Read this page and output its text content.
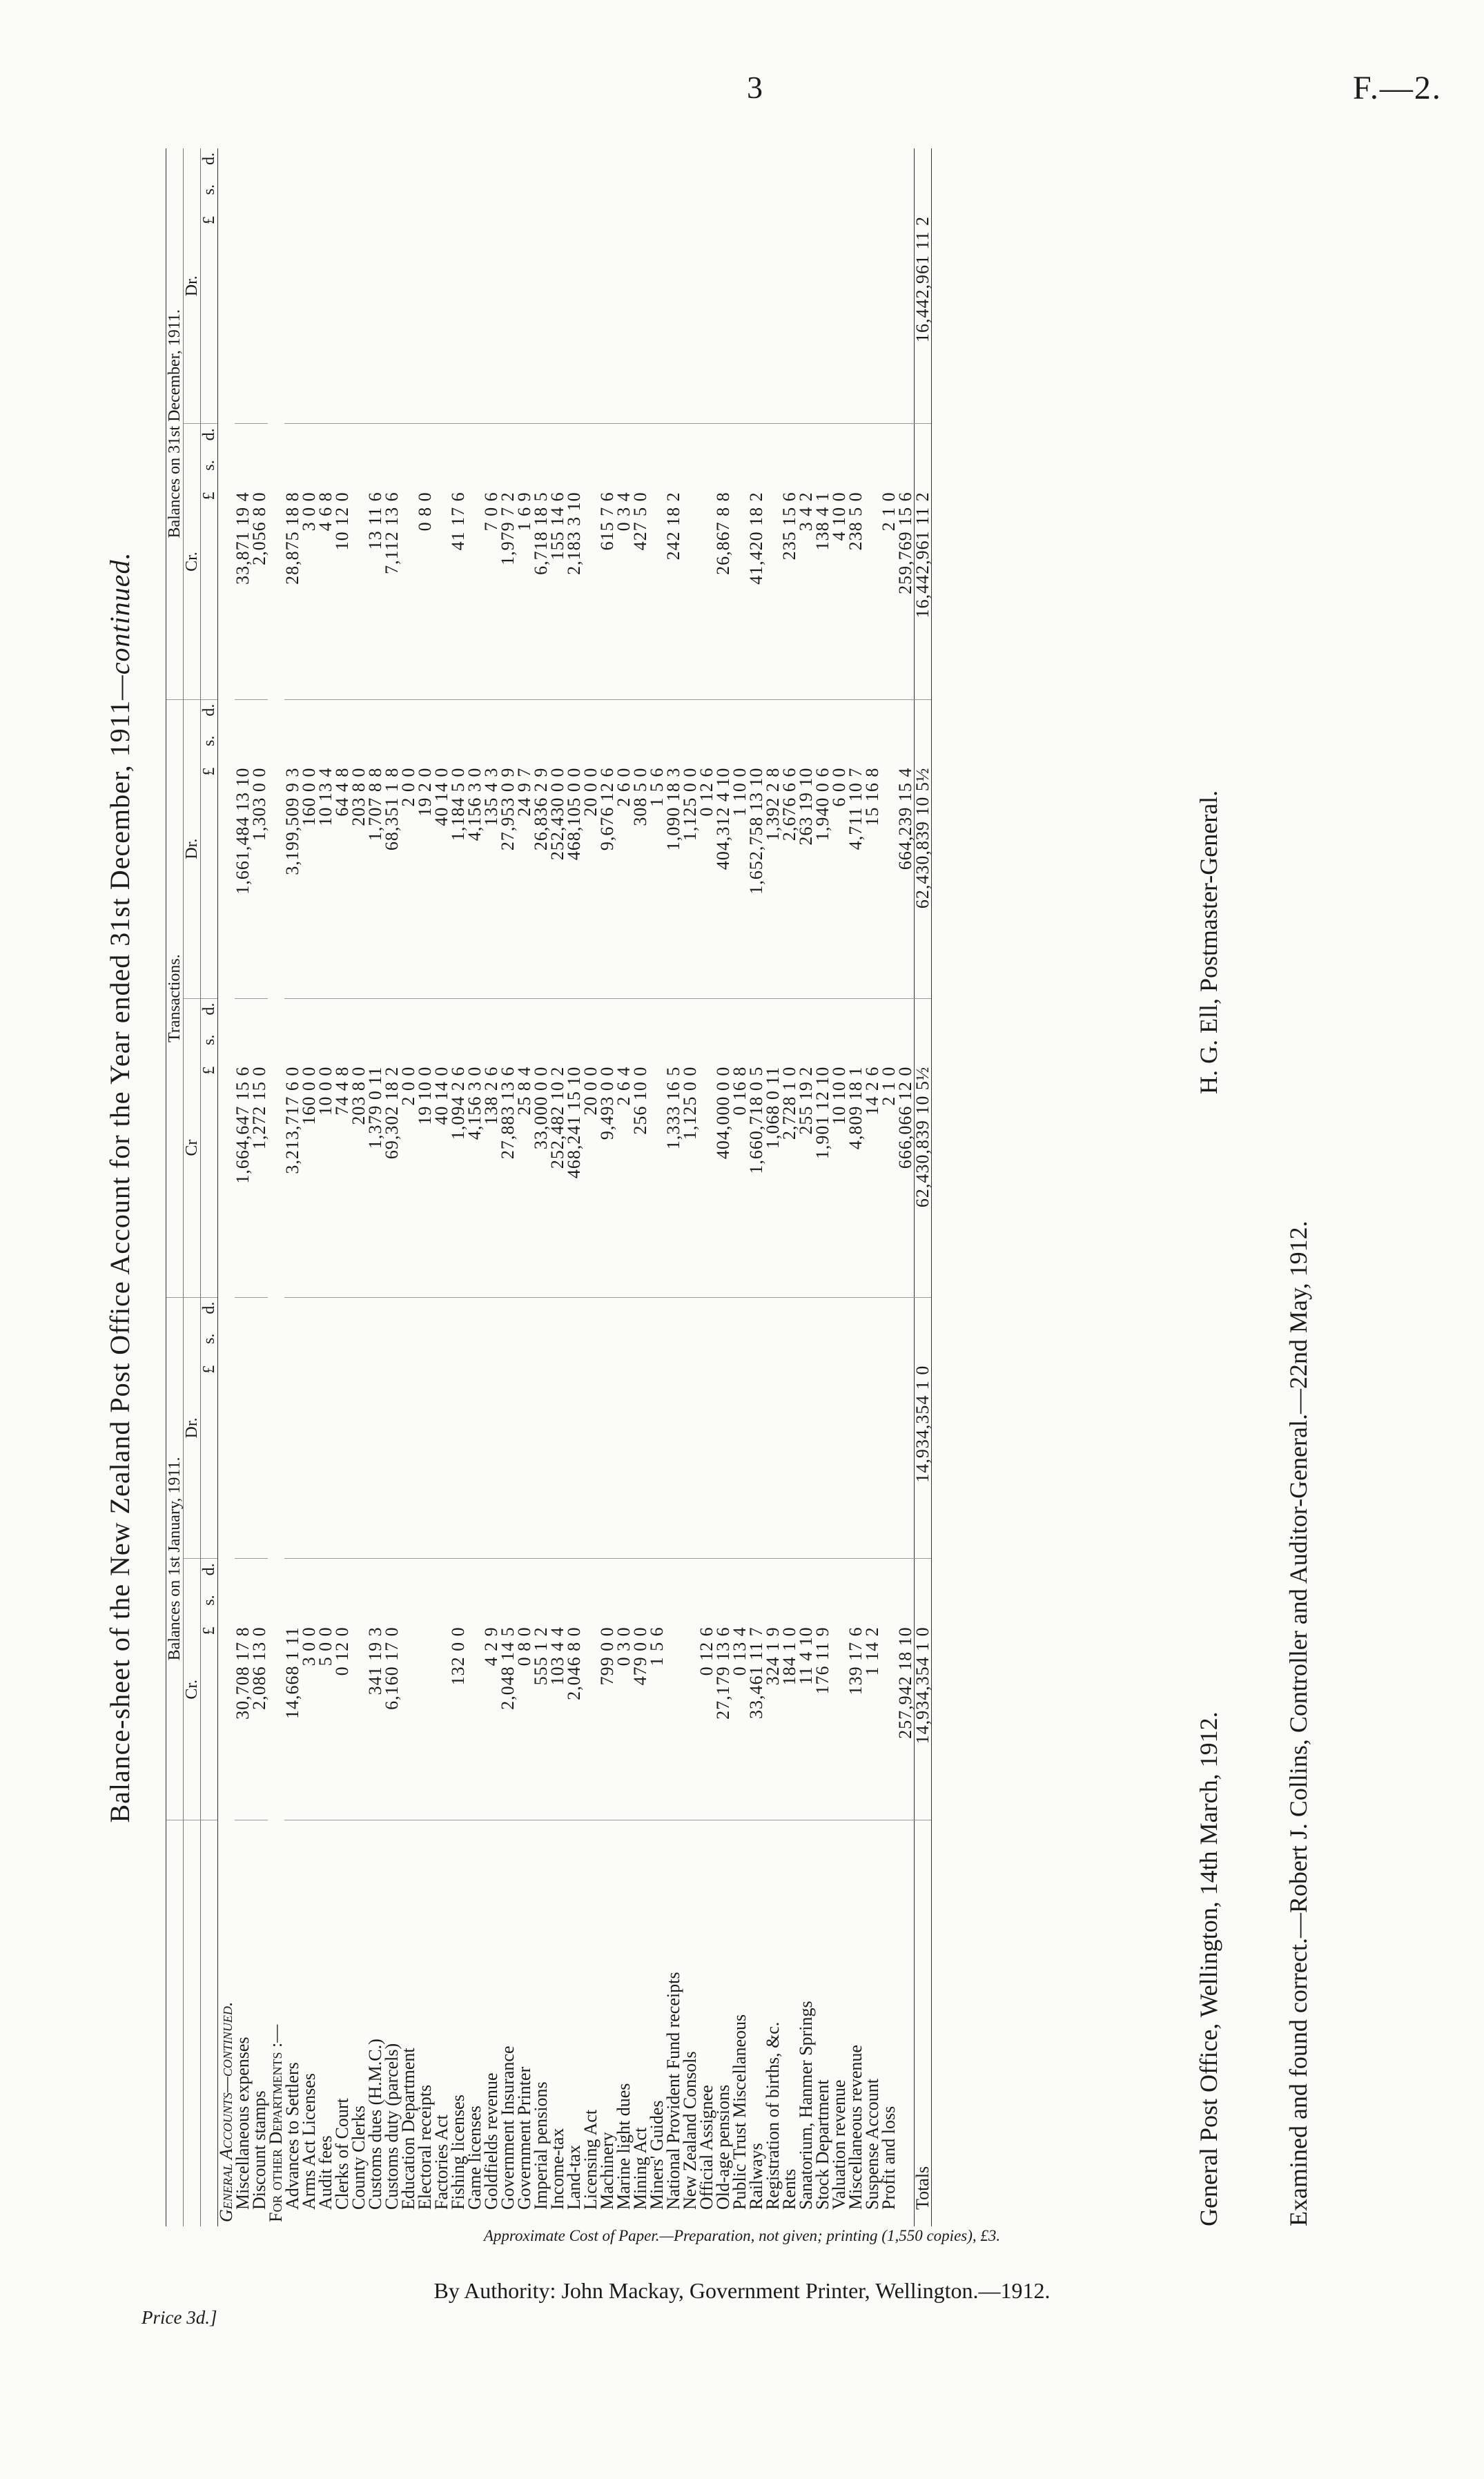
3	F.—2.
Balance-sheet of the New Zealand Post Office Account for the Year ended 31st December, 1911—continued.
	Balances on 1st January, 1911.						Transactions.						Balances on 31st December, 1911.					
	Cr.			Dr.			Cr			Dr.			Cr.			Dr.		
	£	s.	d.	£	s.	d.	£	s.	d.	£	s.	d.	£	s.	d.	£	s.	d.
General Accounts—continued.																		
Miscellaneous expenses	30,708 17 8						1,664,647 15 6			1,661,484 13 10			33,871 19 4					
Discount stamps	2,086 13 0						1,272 15 0			1,303 0 0			2,056 8 0					
For other Departments :—																		
Advances to Settlers	14,668 1 11						3,213,717 6 0			3,199,509 9 3			28,875 18 8					
Arms Act Licenses	3 0 0						160 0 0			160 0 0			3 0 0					
Audit fees	5 0 0						10 0 0			10 13 4			4 6 8					
Clerks of Court	0 12 0						74 4 8			64 4 8			10 12 0					
County Clerks							203 8 0			203 8 0								
Customs dues (H.M.C.)	341 19 3						1,379 0 11			1,707 8 8			13 11 6					
Customs duty (parcels)	6,160 17 0						69,302 18 2			68,351 1 8			7,112 13 6					
Education Department							2 0 0			2 0 0								
Electoral receipts							19 10 0			19 2 0			0 8 0					
Factories Act							40 14 0			40 14 0								
Fishing licenses	132 0 0						1,094 2 6			1,184 5 0			41 17 6					
Game licenses							4,156 3 0			4,156 3 0								
Goldfields revenue	4 2 9						138 2 6			135 4 3			7 0 6					
Government Insurance	2,048 14 5						27,883 13 6			27,953 0 9			1,979 7 2					
Government Printer	0 8 0						25 8 4			24 9 7			1 6 9					
Imperial pensions	555 1 2						33,000 0 0			26,836 2 9			6,718 18 5					
Income-tax	103 4 4						252,482 10 2			252,430 0 0			155 14 6					
Land-tax	2,046 8 0						468,241 15 10			468,105 0 0			2,183 3 10					
Licensing Act							20 0 0			20 0 0								
Machinery	799 0 0						9,493 0 0			9,676 12 6			615 7 6					
Marine light dues	0 3 0						2 6 4			2 6 0			0 3 4					
Mining Act	479 0 0						256 10 0			308 5 0			427 5 0					
Miners' Guides	1 5 6									1 5 6								
National Provident Fund receipts							1,333 16 5			1,090 18 3			242 18 2					
New Zealand Consols							1,125 0 0			1,125 0 0								
Official Assignee	0 12 6									0 12 6								
Old-age pensions	27,179 13 6						404,000 0 0			404,312 4 10			26,867 8 8					
Public Trust Miscellaneous	0 13 4						0 16 8			1 10 0								
Railways	33,461 11 7						1,660,718 0 5			1,652,758 13 10			41,420 18 2					
Registration of births, &c.	324 1 9						1,068 0 11			1,392 2 8								
Rents	184 1 0						2,728 1 0			2,676 6 6			235 15 6					
Sanatorium, Hanmer Springs	11 4 10						255 19 2			263 19 10			3 4 2					
Stock Department	176 11 9						1,901 12 10			1,940 0 6			138 4 1					
Valuation revenue							10 10 0			6 0 0			4 10 0					
Miscellaneous revenue	139 17 6						4,809 18 1			4,711 10 7			238 5 0					
Suspense Account	1 14 2						14 2 6			15 16 8								
Profit and loss							2 1 0						2 1 0					
	257,942 18 10						666,066 12 0			664,239 15 4			259,769 15 6					
Totals	14,934,354 1 0			14,934,354 1 0			62,430,839 10 5½			62,430,839 10 5½			16,442,961 11 2			16,442,961 11 2		
General Post Office, Wellington, 14th March, 1912.
H. G. Ell, Postmaster-General.
Examined and found correct.—Robert J. Collins, Controller and Auditor-General.—22nd May, 1912.
Approximate Cost of Paper.—Preparation, not given; printing (1,550 copies), £3.
By Authority: John Mackay, Government Printer, Wellington.—1912.
Price 3d.]
